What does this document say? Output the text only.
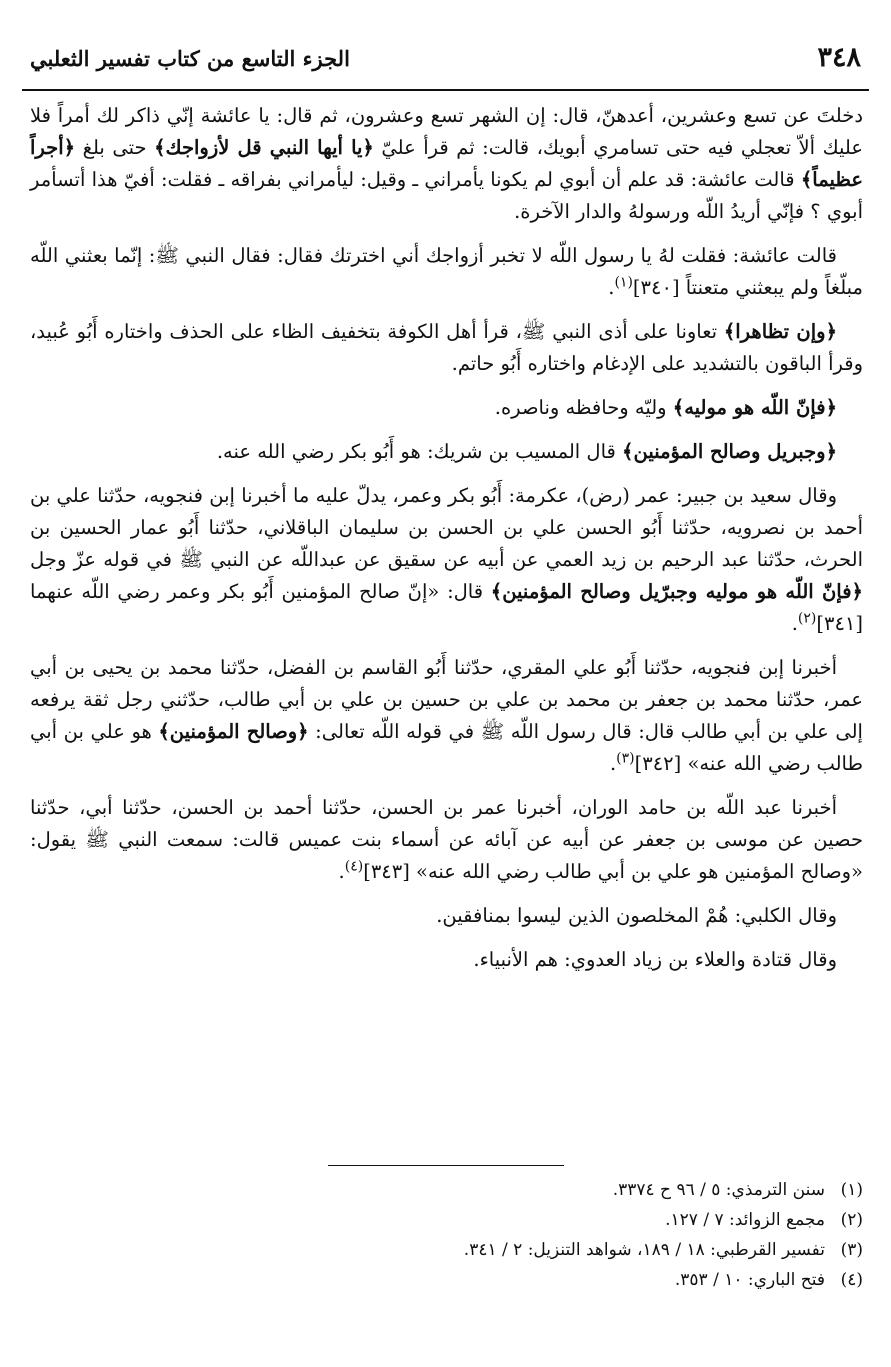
٣٤٨
الجزء التاسع من كتاب تفسير الثعلبي

دخلتَ عن تسع وعشرين، أعدهنّ، قال: إن الشهر تسع وعشرون، ثم قال: يا عائشة إنّي ذاكر لك أمراً فلا عليك ألاّ تعجلي فيه حتى تسامري أبويك، قالت: ثم قرأ عليّ ﴿يا أيها النبي قل لأزواجك﴾ حتى بلغ ﴿أجراً عظيماً﴾ قالت عائشة: قد علم أن أبوي لم يكونا يأمراني ـ وقيل: ليأمراني بفراقه ـ فقلت: أفيّ هذا أتسأمر أبوي ؟ فإنّي أريدُ اللّه ورسولهُ والدار الآخرة.

قالت عائشة: فقلت لهُ يا رسول اللّه لا تخبر أزواجك أني اخترتك فقال: فقال النبي ﷺ: إنّما بعثني اللّه مبلّغاً ولم يبعثني متعنتاً [٣٤٠]$^{(١)}$.

﴿وإن تظاهرا﴾ تعاونا على أذى النبي ﷺ، قرأ أهل الكوفة بتخفيف الظاء على الحذف واختاره أَبُو عُبيد، وقرأ الباقون بالتشديد على الإدغام واختاره أَبُو حاتم.

﴿فإنّ اللّه هو موليه﴾ وليّه وحافظه وناصره.

﴿وجبريل وصالح المؤمنين﴾ قال المسيب بن شريك: هو أَبُو بكر رضي الله عنه.

وقال سعيد بن جبير: عمر (رض)، عكرمة: أَبُو بكر وعمر، يدلّ عليه ما أخبرنا إبن فنجويه، حدّثنا علي بن أحمد بن نصرويه، حدّثنا أَبُو الحسن علي بن الحسن بن سليمان الباقلاني، حدّثنا أَبُو عمار الحسين بن الحرث، حدّثنا عبد الرحيم بن زيد العمي عن أبيه عن سقيق عن عبداللّه عن النبي ﷺ في قوله عزّ وجل ﴿فإنّ اللّه هو موليه وجبرّيل وصالح المؤمنين﴾ قال: «إنّ صالح المؤمنين أَبُو بكر وعمر رضي اللّه عنهما [٣٤١]$^{(٢)}$.

أخبرنا إبن فنجويه، حدّثنا أَبُو علي المقري، حدّثنا أَبُو القاسم بن الفضل، حدّثنا محمد بن يحيى بن أبي عمر، حدّثنا محمد بن جعفر بن محمد بن علي بن حسين بن علي بن أبي طالب، حدّثني رجل ثقة يرفعه إلى علي بن أبي طالب قال: قال رسول اللّه ﷺ في قوله اللّه تعالى: ﴿وصالح المؤمنين﴾ هو علي بن أبي طالب رضي الله عنه» [٣٤٢]$^{(٣)}$.

أخبرنا عبد اللّه بن حامد الوران، أخبرنا عمر بن الحسن، حدّثنا أحمد بن الحسن، حدّثنا أبي، حدّثنا حصين عن موسى بن جعفر عن أبيه عن آبائه عن أسماء بنت عميس قالت: سمعت النبي ﷺ يقول: «وصالح المؤمنين هو علي بن أبي طالب رضي الله عنه» [٣٤٣]$^{(٤)}$.

وقال الكلبي: هُمْ المخلصون الذين ليسوا بمنافقين.

وقال قتادة والعلاء بن زياد العدوي: هم الأنبياء.

(١)سنن الترمذي: ٥ / ٩٦ ح ٣٣٧٤.
(٢)مجمع الزوائد: ٧ / ١٢٧.
(٣)تفسير القرطبي: ١٨ / ١٨٩، شواهد التنزيل: ٢ / ٣٤١.
(٤)فتح الباري: ١٠ / ٣٥٣.
